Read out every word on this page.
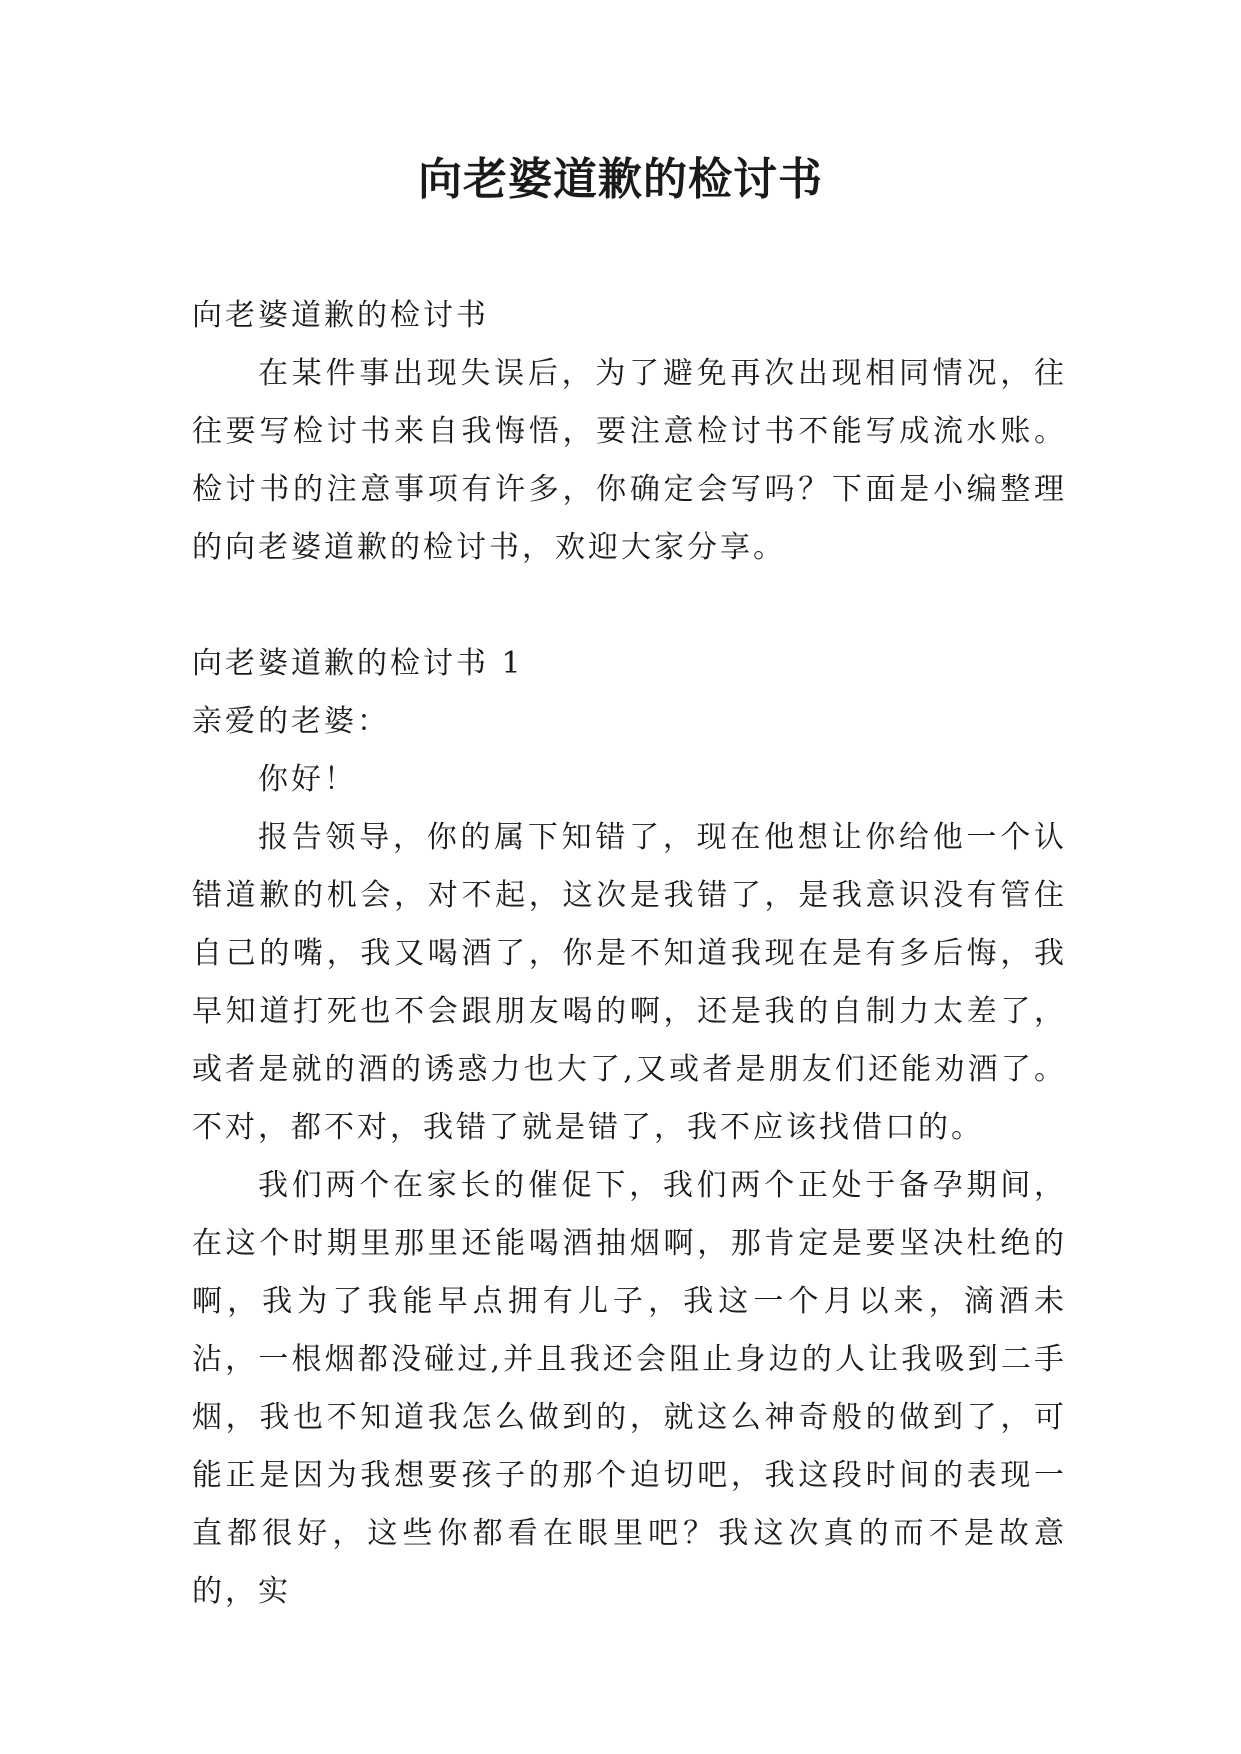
向老婆道歉的检讨书

向老婆道歉的检讨书

在某件事出现失误后，为了避免再次出现相同情况，往往要写检讨书来自我悔悟，要注意检讨书不能写成流水账。检讨书的注意事项有许多，你确定会写吗？下面是小编整理的向老婆道歉的检讨书，欢迎大家分享。

向老婆道歉的检讨书 1

亲爱的老婆：

你好！

报告领导，你的属下知错了，现在他想让你给他一个认错道歉的机会，对不起，这次是我错了，是我意识没有管住自己的嘴，我又喝酒了，你是不知道我现在是有多后悔，我早知道打死也不会跟朋友喝的啊，还是我的自制力太差了，或者是就的酒的诱惑力也大了,又或者是朋友们还能劝酒了。不对，都不对，我错了就是错了，我不应该找借口的。

我们两个在家长的催促下，我们两个正处于备孕期间，在这个时期里那里还能喝酒抽烟啊，那肯定是要坚决杜绝的啊，我为了我能早点拥有儿子，我这一个月以来，滴酒未沾，一根烟都没碰过,并且我还会阻止身边的人让我吸到二手烟，我也不知道我怎么做到的，就这么神奇般的做到了，可能正是因为我想要孩子的那个迫切吧，我这段时间的表现一直都很好，这些你都看在眼里吧？我这次真的而不是故意的，实
